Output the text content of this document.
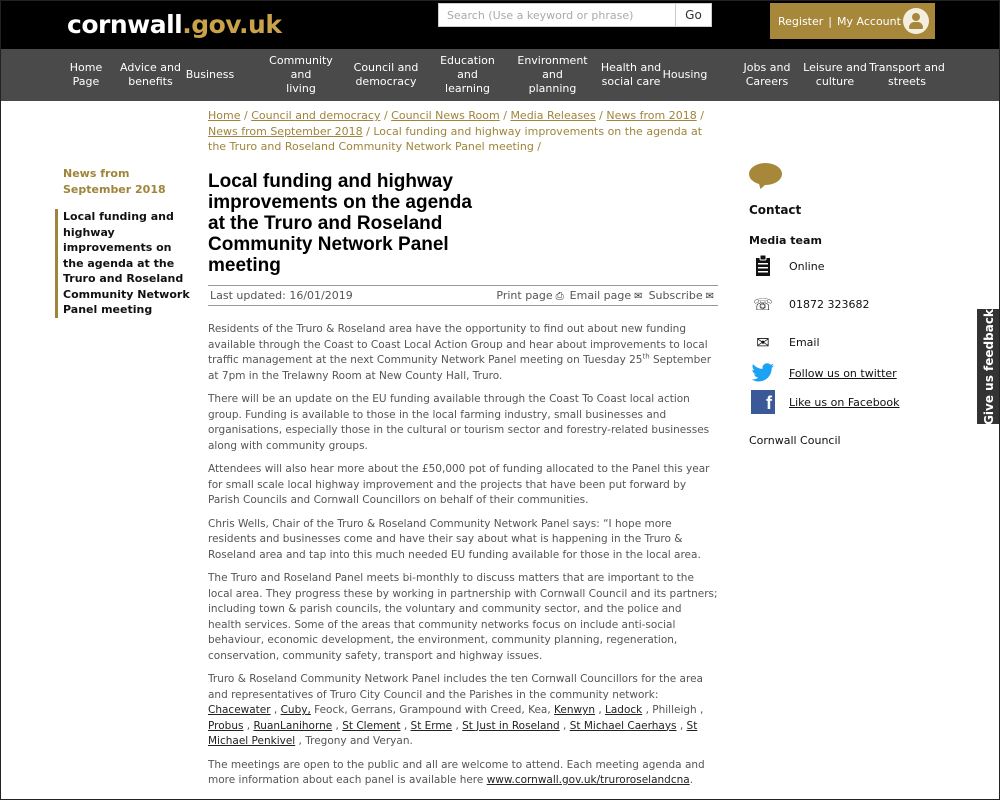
cornwall.gov.uk
Search (Use a keyword or phrase)	Go	Register | My Account
Home
Page
Advice and
benefits
Business
Community and
living
Council and
democracy
Education and
learning
Environment and
planning
Health and
social care
Housing
Jobs and
Careers
Leisure and
culture
Transport and
streets
Home / Council and democracy / Council News Room / Media Releases / News from 2018 / News from September 2018 / Local funding and highway improvements on the agenda at the Truro and Roseland Community Network Panel meeting /
News from September 2018
Local funding and highway improvements on the agenda at the Truro and Roseland Community Network Panel meeting
Local funding and highway improvements on the agenda at the Truro and Roseland Community Network Panel meeting
Last updated: 16/01/2019	Print page ⎙ Email page ✉ Subscribe ✉

Residents of the Truro & Roseland area have the opportunity to find out about new funding available through the Coast to Coast Local Action Group and hear about improvements to local traffic management at the next Community Network Panel meeting on Tuesday 25th September at 7pm in the Trelawny Room at New County Hall, Truro.

There will be an update on the EU funding available through the Coast To Coast local action group. Funding is available to those in the local farming industry, small businesses and organisations, especially those in the cultural or tourism sector and forestry-related businesses along with community groups.

Attendees will also hear more about the £50,000 pot of funding allocated to the Panel this year for small scale local highway improvement and the projects that have been put forward by Parish Councils and Cornwall Councillors on behalf of their communities.

Chris Wells, Chair of the Truro & Roseland Community Network Panel says: “I hope more residents and businesses come and have their say about what is happening in the Truro & Roseland area and tap into this much needed EU funding available for those in the local area.

The Truro and Roseland Panel meets bi-monthly to discuss matters that are important to the local area. They progress these by working in partnership with Cornwall Council and its partners; including town & parish councils, the voluntary and community sector, and the police and health services. Some of the areas that community networks focus on include anti-social behaviour, economic development, the environment, community planning, regeneration, conservation, community safety, transport and highway issues.

Truro & Roseland Community Network Panel includes the ten Cornwall Councillors for the area and representatives of Truro City Council and the Parishes in the community network: Chacewater , Cuby, Feock, Gerrans, Grampound with Creed, Kea, Kenwyn , Ladock , Philleigh , Probus , RuanLanihorne , St Clement , St Erme , St Just in Roseland , St Michael Caerhays , St Michael Penkivel , Tregony and Veryan.

The meetings are open to the public and all are welcome to attend. Each meeting agenda and more information about each panel is available here www.cornwall.gov.uk/truroroselandcna.

Contact
Media team
Online
☏	01872 323682
✉	Email
Follow us on twitter
f Like us on Facebook
Cornwall Council
Give us feedback
